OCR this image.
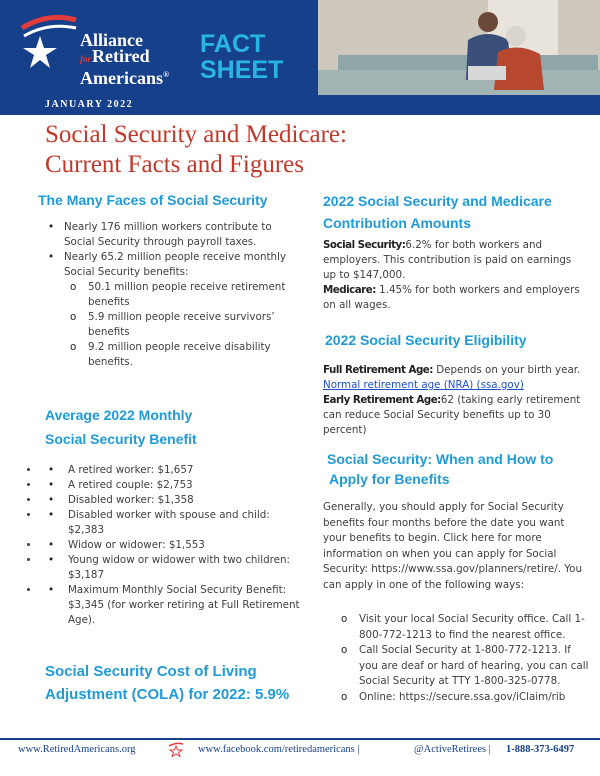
Alliance
forRetired
Americans®
FACT
SHEET
JANUARY 2022
Social Security and Medicare:
Current Facts and Figures
The Many Faces of Social Security
• Nearly 176 million workers contribute to Social Security through payroll taxes.
• Nearly 65.2 million people receive monthly Social Security benefits:
o 50.1 million people receive retirement benefits
o 5.9 million people receive survivors’ benefits
o 9.2 million people receive disability benefits.
Average 2022 Monthly
Social Security Benefit
• • A retired worker: $1,657
• • A retired couple: $2,753
• • Disabled worker: $1,358
• • Disabled worker with spouse and child: $2,383
• • Widow or widower: $1,553
• • Young widow or widower with two children: $3,187
• • Maximum Monthly Social Security Benefit: $3,345 (for worker retiring at Full Retirement Age).
Social Security Cost of Living
Adjustment (COLA) for 2022: 5.9%
2022 Social Security and Medicare
Contribution Amounts
Social Security:6.2% for both workers and employers. This contribution is paid on earnings up to $147,000.
Medicare: 1.45% for both workers and employers on all wages.
2022 Social Security Eligibility
Full Retirement Age: Depends on your birth year.
Normal retirement age (NRA) (ssa.gov)
Early Retirement Age:62 (taking early retirement can reduce Social Security benefits up to 30 percent)
Social Security: When and How to
Apply for Benefits
Generally, you should apply for Social Security benefits four months before the date you want your benefits to begin. Click here for more information on when you can apply for Social Security: https://www.ssa.gov/planners/retire/. You can apply in one of the following ways:
o Visit your local Social Security office. Call 1-800-772-1213 to find the nearest office.
o Call Social Security at 1-800-772-1213. If you are deaf or hard of hearing, you can call Social Security at TTY 1-800-325-0778.
o Online: https://secure.ssa.gov/iClaim/rib
www.RetiredAmericans.org	www.facebook.com/retiredamericans |	@ActiveRetirees | 1-888-373-6497
